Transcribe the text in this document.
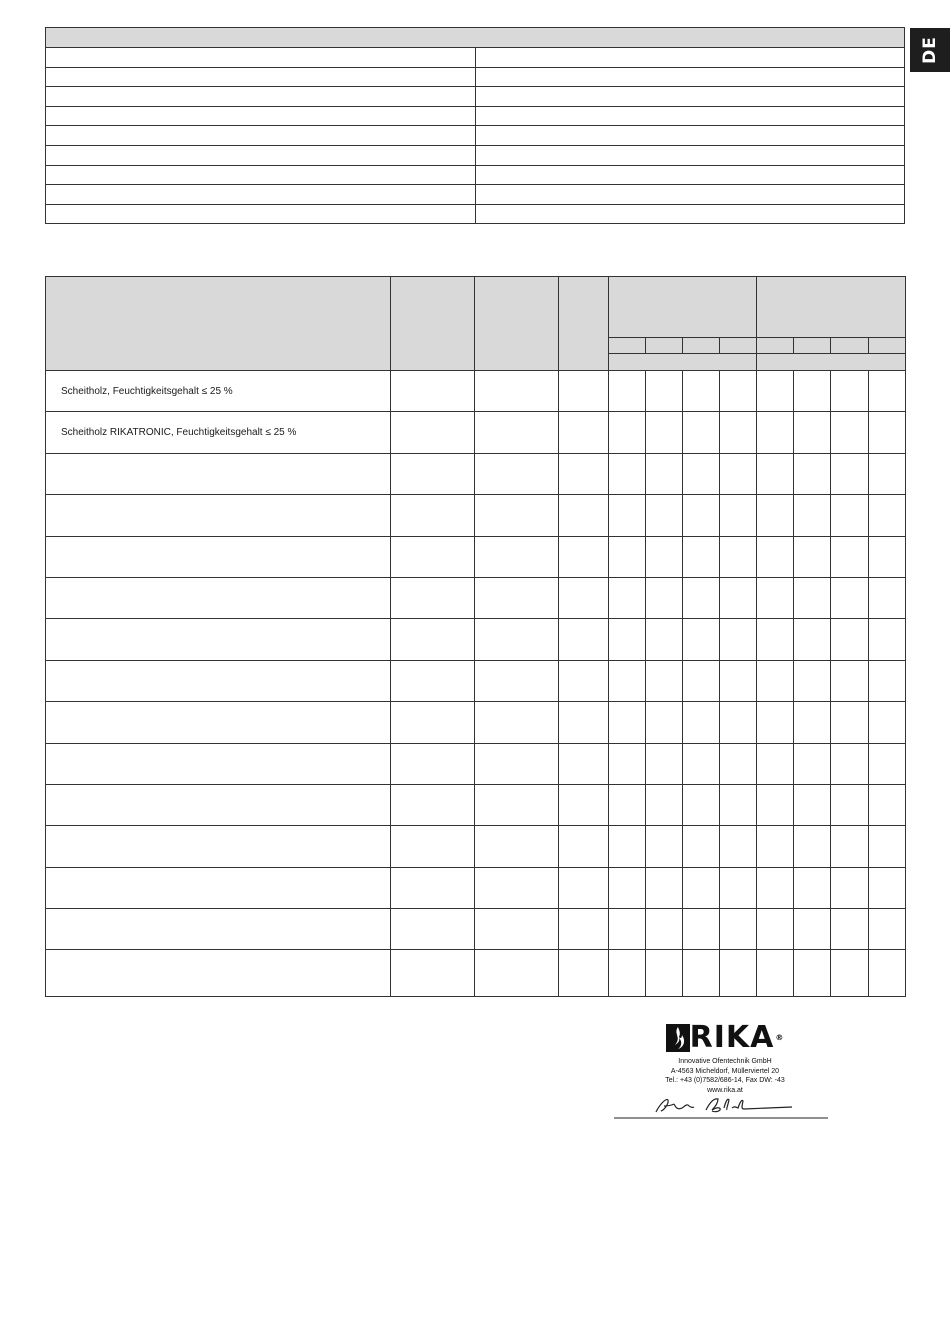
DE

Scheitholz, Feuchtigkeitsgehalt ≤ 25 %											
Scheitholz RIKATRONIC, Feuchtigkeitsgehalt ≤ 25 %											

RIKA®
Innovative Ofentechnik GmbH
A-4563 Micheldorf, Müllerviertel 20
Tel.: +43 (0)7582/686-14, Fax DW: -43
www.rika.at
